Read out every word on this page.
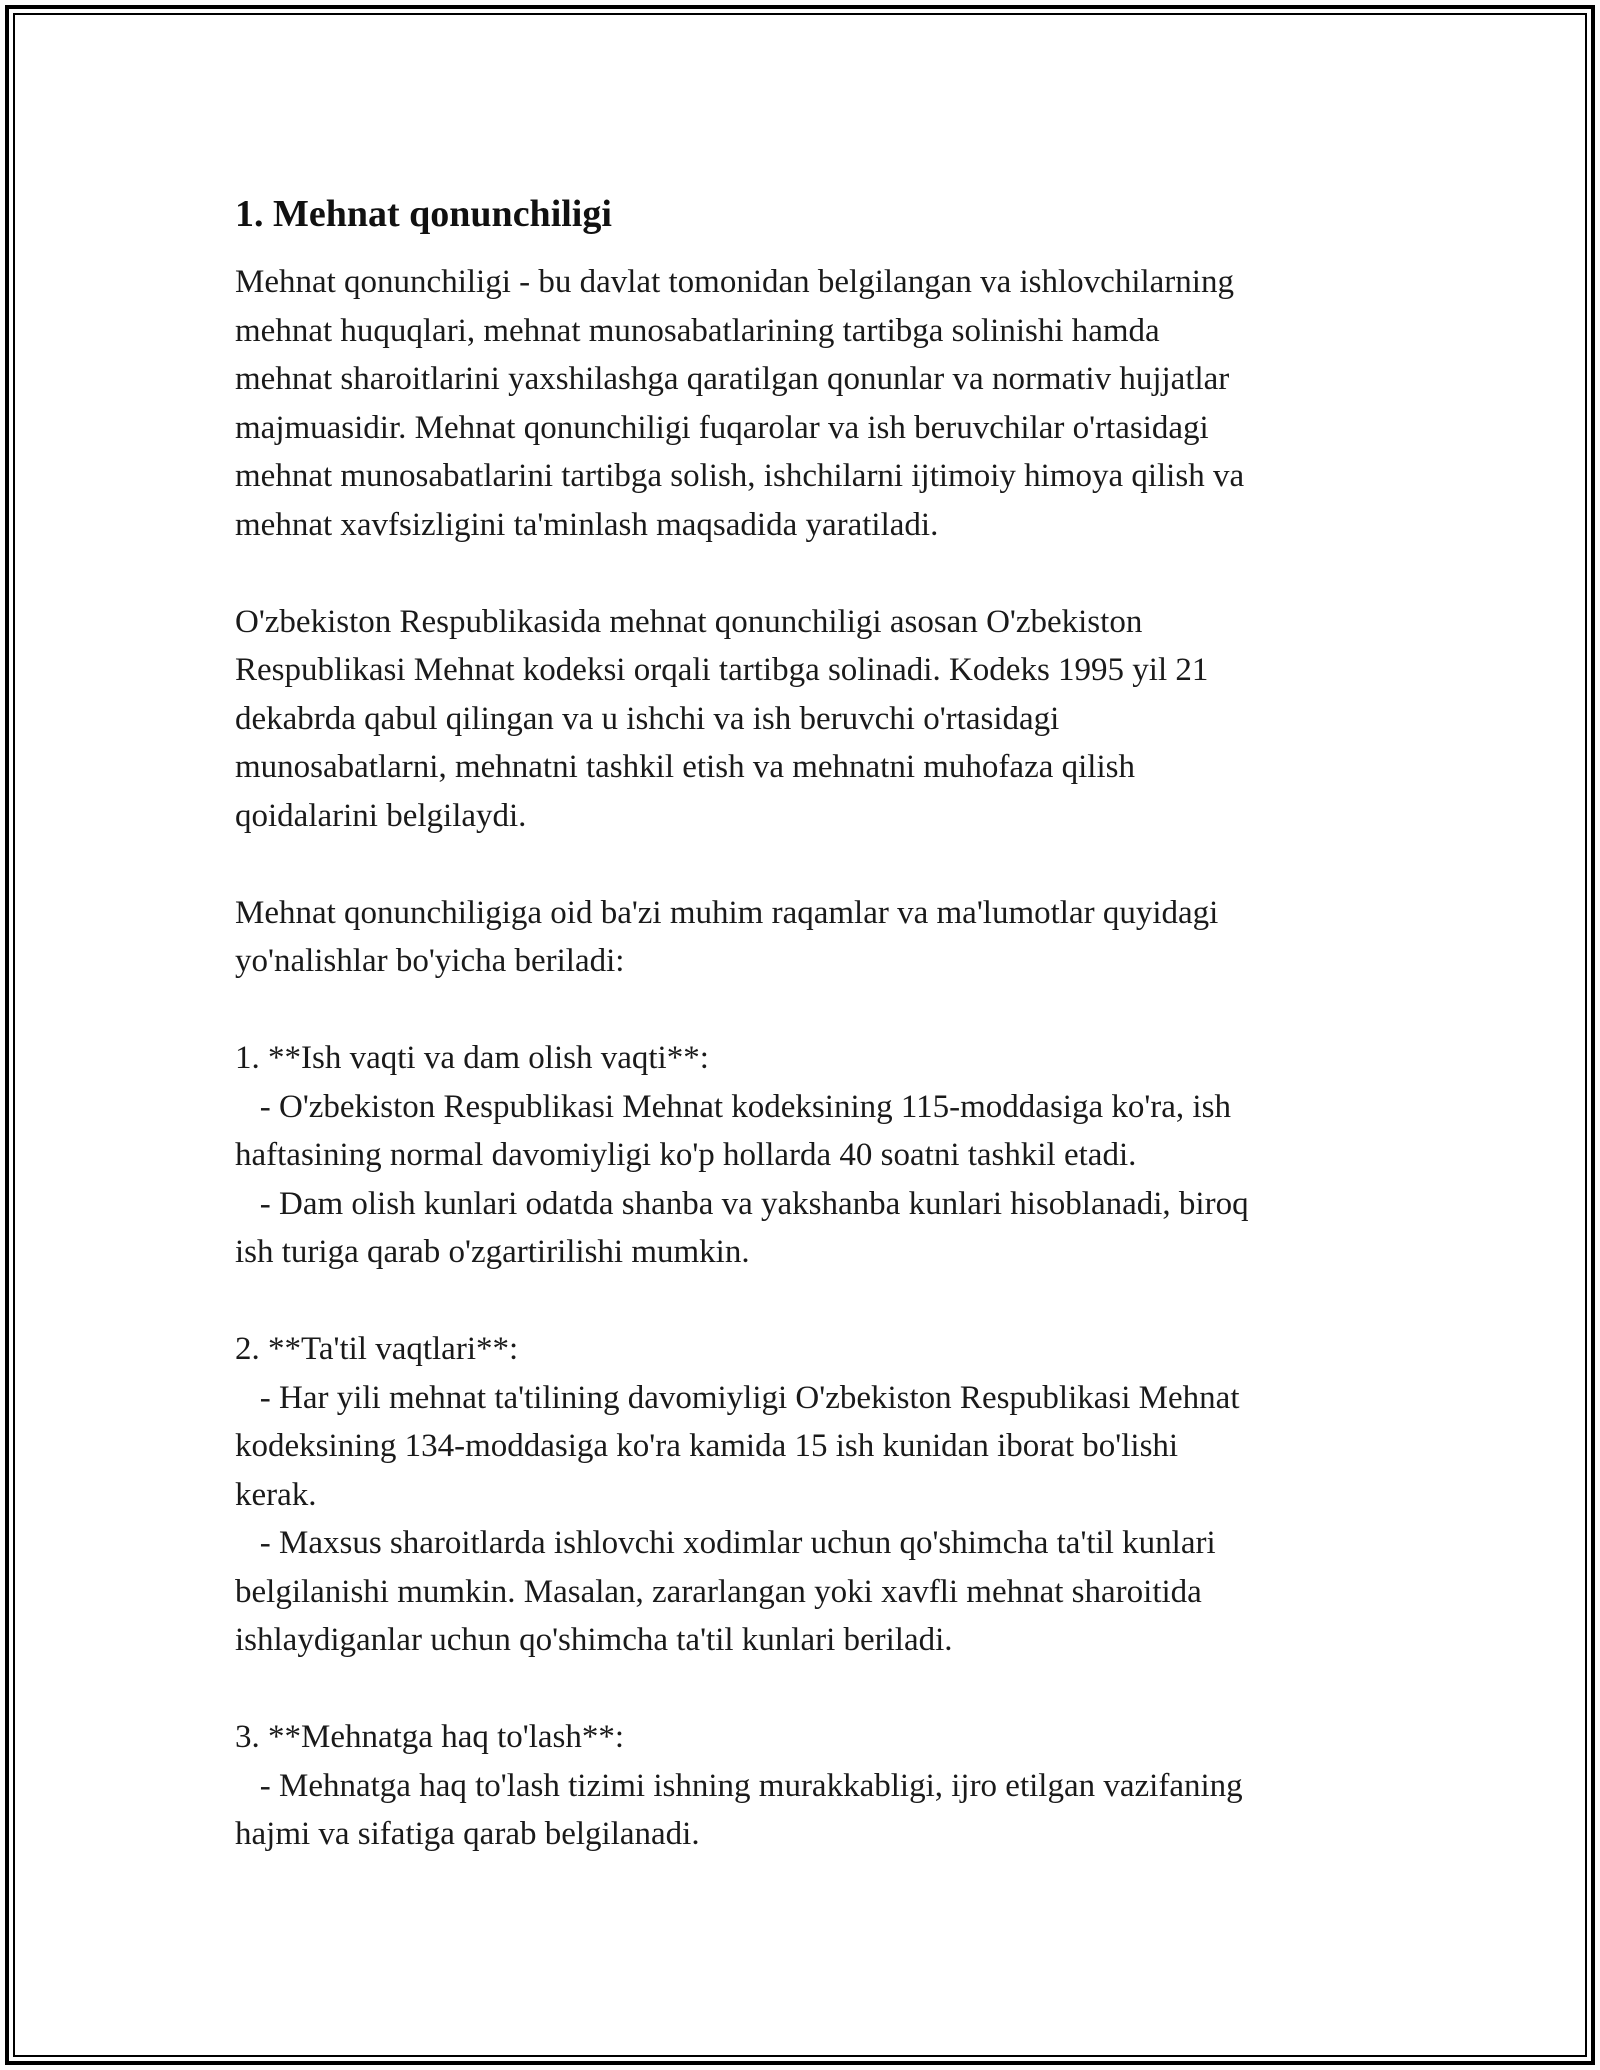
1. Mehnat qonunchiligi

Mehnat qonunchiligi - bu davlat tomonidan belgilangan va ishlovchilarning
mehnat huquqlari, mehnat munosabatlarining tartibga solinishi hamda
mehnat sharoitlarini yaxshilashga qaratilgan qonunlar va normativ hujjatlar
majmuasidir. Mehnat qonunchiligi fuqarolar va ish beruvchilar o'rtasidagi
mehnat munosabatlarini tartibga solish, ishchilarni ijtimoiy himoya qilish va
mehnat xavfsizligini ta'minlash maqsadida yaratiladi.

O'zbekiston Respublikasida mehnat qonunchiligi asosan O'zbekiston
Respublikasi Mehnat kodeksi orqali tartibga solinadi. Kodeks 1995 yil 21
dekabrda qabul qilingan va u ishchi va ish beruvchi o'rtasidagi
munosabatlarni, mehnatni tashkil etish va mehnatni muhofaza qilish
qoidalarini belgilaydi.

Mehnat qonunchiligiga oid ba'zi muhim raqamlar va ma'lumotlar quyidagi
yo'nalishlar bo'yicha beriladi:

1. **Ish vaqti va dam olish vaqti**:
- O'zbekiston Respublikasi Mehnat kodeksining 115-moddasiga ko'ra, ish
haftasining normal davomiyligi ko'p hollarda 40 soatni tashkil etadi.
- Dam olish kunlari odatda shanba va yakshanba kunlari hisoblanadi, biroq
ish turiga qarab o'zgartirilishi mumkin.

2. **Ta'til vaqtlari**:
- Har yili mehnat ta'tilining davomiyligi O'zbekiston Respublikasi Mehnat
kodeksining 134-moddasiga ko'ra kamida 15 ish kunidan iborat bo'lishi
kerak.
- Maxsus sharoitlarda ishlovchi xodimlar uchun qo'shimcha ta'til kunlari
belgilanishi mumkin. Masalan, zararlangan yoki xavfli mehnat sharoitida
ishlaydiganlar uchun qo'shimcha ta'til kunlari beriladi.

3. **Mehnatga haq to'lash**:
- Mehnatga haq to'lash tizimi ishning murakkabligi, ijro etilgan vazifaning
hajmi va sifatiga qarab belgilanadi.
